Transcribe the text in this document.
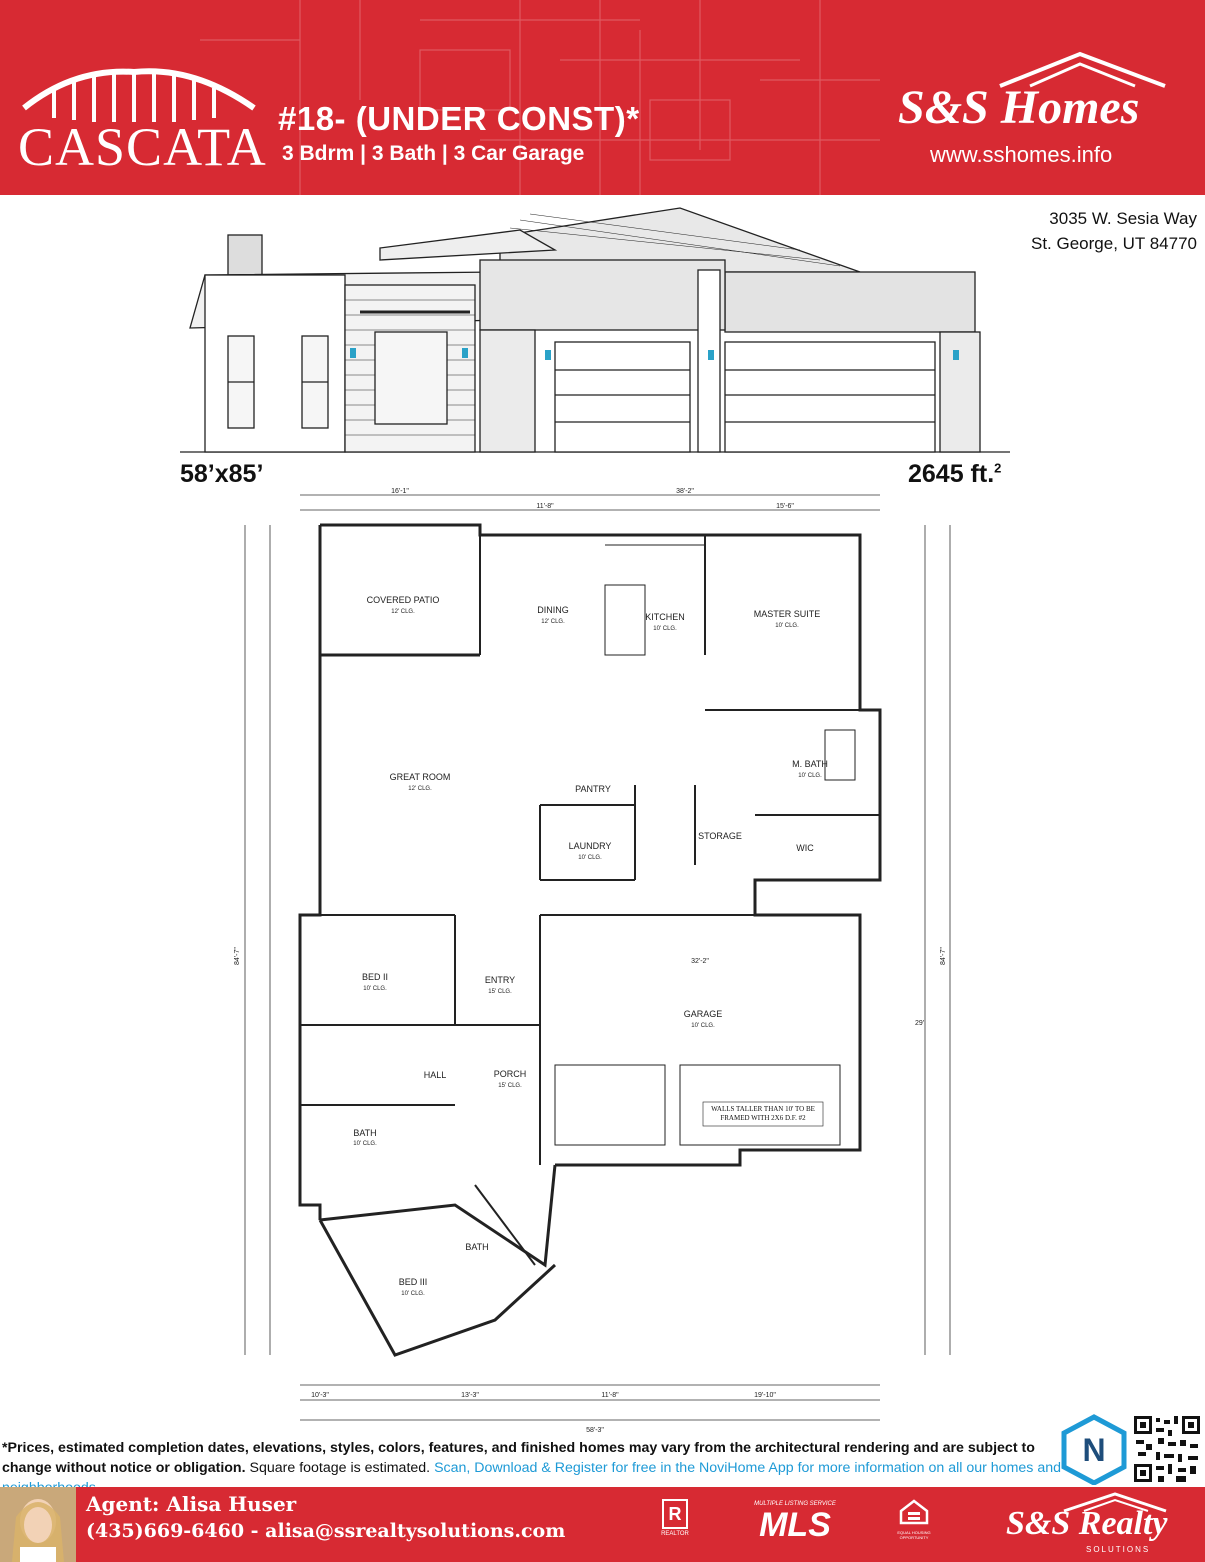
CASCATA #18- (UNDER CONST)*
3 Bdrm | 3 Bath | 3 Car Garage
S&S Homes
www.sshomes.info
3035 W. Sesia Way
St. George, UT 84770
58’x85’	2645 ft.$^2$
38'-2"
16'-1"
11'-8"	15'-6"
84'-7"	84'-7"
10'-3"	13'-3"	11'-8"	19'-10"
58'-3"
32'-2"
29'
COVERED PATIO
12' CLG.	DINING
12' CLG.	KITCHEN
10' CLG.
MASTER SUITE
10' CLG.
GREAT ROOM
12' CLG.	PANTRY
M. BATH
10' CLG.
STORAGE
LAUNDRY
10' CLG.
WIC
BED II
10' CLG.
ENTRY
15' CLG.
GARAGE
10' CLG.
HALL	PORCH
15' CLG.
BATH
10' CLG.
BATH
BED III
10' CLG.
WALLS TALLER THAN 10' TO BE FRAMED WITH 2X6 D.F. #2
*Prices, estimated completion dates, elevations, styles, colors, features, and finished homes may vary from the architectural rendering and are subject to change without notice or obligation. Square footage is estimated. Scan, Download & Register for free in the NoviHome App for more information on all our homes and N
Agent: Alisa Huser
(435)669-6460 - alisa@ssrealtysolutions.com
R
REALTOR
MULTIPLE LISTING SERVICE
MLS	EQUAL HOUSING OPPORTUNITY S&S Realty
SOLUTIONS
